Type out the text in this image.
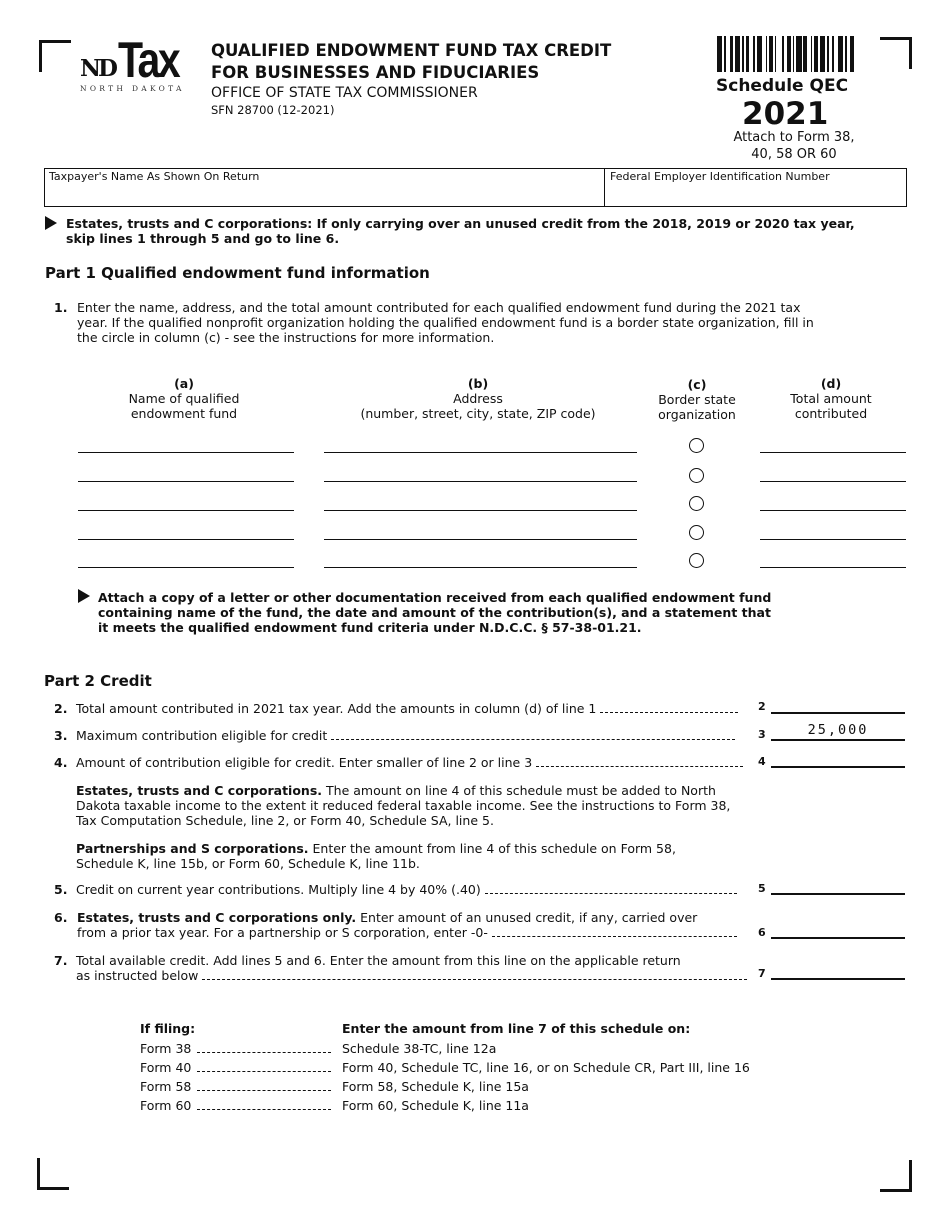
ND Tax
NORTH DAKOTA
QUALIFIED ENDOWMENT FUND TAX CREDIT
FOR BUSINESSES AND FIDUCIARIES
OFFICE OF STATE TAX COMMISSIONER
SFN 28700 (12-2021)
Schedule QEC
2021
Attach to Form 38,
40, 58 OR 60
Taxpayer's Name As Shown On Return	Federal Employer Identification Number
Estates, trusts and C corporations: If only carrying over an unused credit from the 2018, 2019 or 2020 tax year,
skip lines 1 through 5 and go to line 6.
Part 1 Qualified endowment fund information
1. Enter the name, address, and the total amount contributed for each qualified endowment fund during the 2021 tax
year. If the qualified nonprofit organization holding the qualified endowment fund is a border state organization, fill in
the circle in column (c) - see the instructions for more information.
(a)
Name of qualified
endowment fund
(b)
Address
(number, street, city, state, ZIP code)
(c)
Border state
organization
(d)
Total amount
contributed
Attach a copy of a letter or other documentation received from each qualified endowment fund
containing name of the fund, the date and amount of the contribution(s), and a statement that
it meets the qualified endowment fund criteria under N.D.C.C. § 57-38-01.21.
Part 2 Credit
2. Total amount contributed in 2021 tax year. Add the amounts in column (d) of line 1	2
3. Maximum contribution eligible for credit	3	25,000
4. Amount of contribution eligible for credit. Enter smaller of line 2 or line 3	4
Estates, trusts and C corporations. The amount on line 4 of this schedule must be added to North
Dakota taxable income to the extent it reduced federal taxable income. See the instructions to Form 38,
Tax Computation Schedule, line 2, or Form 40, Schedule SA, line 5.
Partnerships and S corporations. Enter the amount from line 4 of this schedule on Form 58,
Schedule K, line 15b, or Form 60, Schedule K, line 11b.
5. Credit on current year contributions. Multiply line 4 by 40% (.40)	5
6. Estates, trusts and C corporations only. Enter amount of an unused credit, if any, carried over
from a prior tax year. For a partnership or S corporation, enter -0-	6
7. Total available credit. Add lines 5 and 6. Enter the amount from this line on the applicable return
as instructed below	7
If filing:	Enter the amount from line 7 of this schedule on:
Form 38	Schedule 38-TC, line 12a
Form 40	Form 40, Schedule TC, line 16, or on Schedule CR, Part III, line 16
Form 58	Form 58, Schedule K, line 15a
Form 60	Form 60, Schedule K, line 11a
